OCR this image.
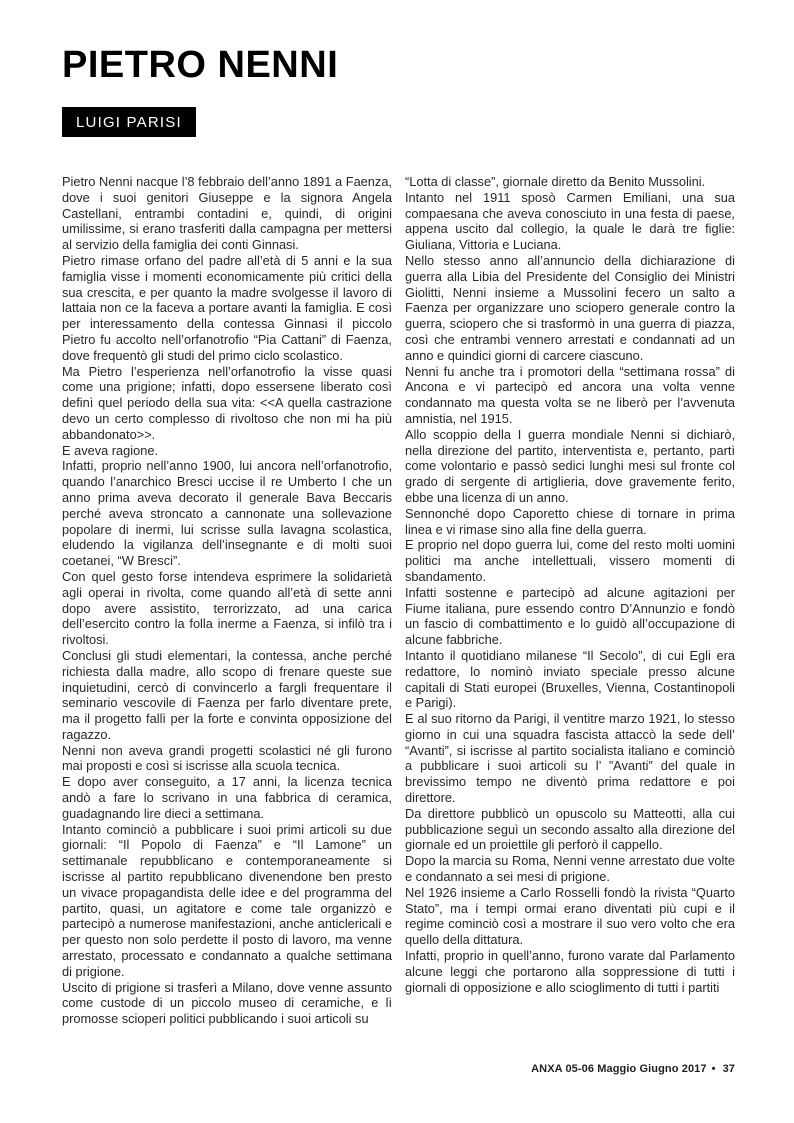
PIETRO NENNI
LUIGI PARISI

Pietro Nenni nacque l’8 febbraio dell’anno 1891 a Faenza, dove i suoi genitori Giuseppe e la signora Angela Castellani, entrambi contadini e, quindi, di origini umilissime, si erano trasferiti dalla campagna per mettersi al servizio della famiglia dei conti Ginnasi.

Pietro rimase orfano del padre all’età di 5 anni e la sua famiglia visse i momenti economicamente più critici della sua crescita, e per quanto la madre svolgesse il lavoro di lattaia non ce la faceva a portare avanti la famiglia. E così per interessamento della contessa Ginnasi il piccolo Pietro fu accolto nell’orfanotrofio “Pia Cattani” di Faenza, dove frequentò gli studi del primo ciclo scolastico.

Ma Pietro l’esperienza nell’orfanotrofio la visse quasi come una prigione; infatti, dopo essersene liberato così definì quel periodo della sua vita: <<A quella castrazione devo un certo complesso di rivoltoso che non mi ha più abbandonato>>.

E aveva ragione.

Infatti, proprio nell’anno 1900, lui ancora nell’orfanotrofio, quando l’anarchico Bresci uccise il re Umberto I che un anno prima aveva decorato il generale Bava Beccaris perché aveva stroncato a cannonate una sollevazione popolare di inermi, lui scrisse sulla lavagna scolastica, eludendo la vigilanza dell’insegnante e di molti suoi coetanei, “W Bresci”.

Con quel gesto forse intendeva esprimere la solidarietà agli operai in rivolta, come quando all’età di sette anni dopo avere assistito, terrorizzato, ad una carica dell’esercito contro la folla inerme a Faenza, si infilò tra i rivoltosi.

Conclusi gli studi elementari, la contessa, anche perché richiesta dalla madre, allo scopo di frenare queste sue inquietudini, cercò di convincerlo a fargli frequentare il seminario vescovile di Faenza per farlo diventare prete, ma il progetto fallì per la forte e convinta opposizione del ragazzo.

Nenni non aveva grandi progetti scolastici né gli furono mai proposti e così si iscrisse alla scuola tecnica.

E dopo aver conseguito, a 17 anni, la licenza tecnica andò a fare lo scrivano in una fabbrica di ceramica, guadagnando lire dieci a settimana.

Intanto cominciò a pubblicare i suoi primi articoli su due giornali: “Il Popolo di Faenza” e “Il Lamone” un settimanale repubblicano e contemporaneamente si iscrisse al partito repubblicano divenendone ben presto un vivace propagandista delle idee e del programma del partito, quasi, un agitatore e come tale organizzò e partecipò a numerose manifestazioni, anche anticlericali e per questo non solo perdette il posto di lavoro, ma venne arrestato, processato e condannato a qualche settimana di prigione.

Uscito di prigione si trasferì a Milano, dove venne assunto come custode di un piccolo museo di ceramiche, e lì promosse scioperi politici pubblicando i suoi articoli su

“Lotta di classe”, giornale diretto da Benito Mussolini.

Intanto nel 1911 sposò Carmen Emiliani, una sua compaesana che aveva conosciuto in una festa di paese, appena uscito dal collegio, la quale le darà tre figlie: Giuliana, Vittoria e Luciana.

Nello stesso anno all’annuncio della dichiarazione di guerra alla Libia del Presidente del Consiglio dei Ministri Giolitti, Nenni insieme a Mussolini fecero un salto a Faenza per organizzare uno sciopero generale contro la guerra, sciopero che si trasformò in una guerra di piazza, così che entrambi vennero arrestati e condannati ad un anno e quindici giorni di carcere ciascuno.

Nenni fu anche tra i promotori della “settimana rossa” di Ancona e vi partecipò ed ancora una volta venne condannato ma questa volta se ne liberò per l’avvenuta amnistia, nel 1915.

Allo scoppio della I guerra mondiale Nenni si dichiarò, nella direzione del partito, interventista e, pertanto, partì come volontario e passò sedici lunghi mesi sul fronte col grado di sergente di artiglieria, dove gravemente ferito, ebbe una licenza di un anno.

Sennonché dopo Caporetto chiese di tornare in prima linea e vi rimase sino alla fine della guerra.

E proprio nel dopo guerra lui, come del resto molti uomini politici ma anche intellettuali, vissero momenti di sbandamento.

Infatti sostenne e partecipò ad alcune agitazioni per Fiume italiana, pure essendo contro D’Annunzio e fondò un fascio di combattimento e lo guidò all’occupazione di alcune fabbriche.

Intanto il quotidiano milanese “Il Secolo”, di cui Egli era redattore, lo nominò inviato speciale presso alcune capitali di Stati europei (Bruxelles, Vienna, Costantinopoli e Parigi).

E al suo ritorno da Parigi, il ventitre marzo 1921, lo stesso giorno in cui una squadra fascista attaccò la sede dell’ “Avanti”, si iscrisse al partito socialista italiano e cominciò a pubblicare i suoi articoli su l’ ”Avanti” del quale in brevissimo tempo ne diventò prima redattore e poi direttore.

Da direttore pubblicò un opuscolo su Matteotti, alla cui pubblicazione seguì un secondo assalto alla direzione del giornale ed un proiettile gli perforò il cappello.

Dopo la marcia su Roma, Nenni venne arrestato due volte e condannato a sei mesi di prigione.

Nel 1926 insieme a Carlo Rosselli fondò la rivista “Quarto Stato”, ma i tempi ormai erano diventati più cupi e il regime cominciò così a mostrare il suo vero volto che era quello della dittatura.

Infatti, proprio in quell’anno, furono varate dal Parlamento alcune leggi che portarono alla soppressione di tutti i giornali di opposizione e allo scioglimento di tutti i partiti

ANXA 05-06 Maggio Giugno 2017 • 37
